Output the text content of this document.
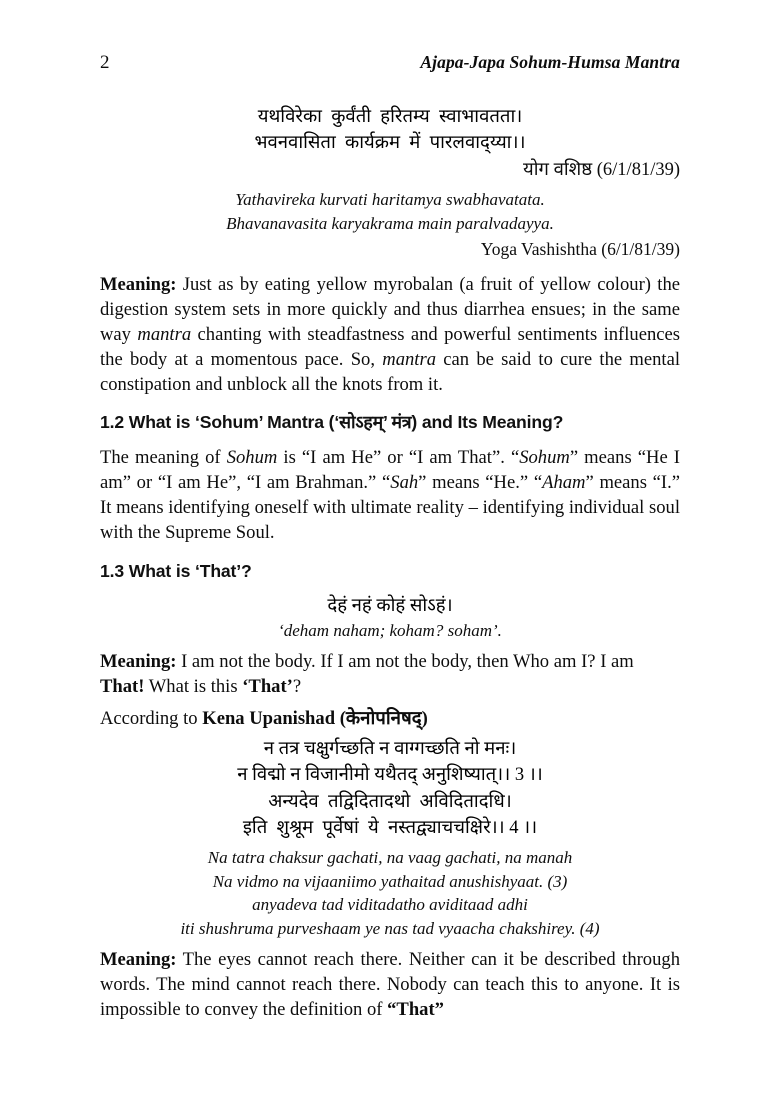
2	Ajapa-Japa Sohum-Humsa Mantra
यथविरेका  कुर्वंती  हरितम्य  स्वाभावतता।
भवनवासिता  कार्यक्रम  में  पारलवाद्य्या।।
योग वशिष्ठ (6/1/81/39)
Yathavireka kurvati haritamya swabhavatata.
Bhavanavasita karyakrama main paralvadayya.
Yoga Vashishtha (6/1/81/39)

Meaning: Just as by eating yellow myrobalan (a fruit of yellow colour) the digestion system sets in more quickly and thus diarrhea ensues; in the same way mantra chanting with steadfastness and powerful sentiments influences the body at a momentous pace. So, mantra can be said to cure the mental constipation and unblock all the knots from it.

1.2 What is ‘Sohum’ Mantra (‘सोऽहम्’ मंत्र) and Its Meaning?

The meaning of Sohum is “I am He” or “I am That”. “Sohum” means “He I am” or “I am He”, “I am Brahman.” “Sah” means “He.” “Aham” means “I.” It means identifying oneself with ultimate reality – identifying individual soul with the Supreme Soul.

1.3 What is ‘That’?
देहं नहं कोहं सोऽहं।
‘deham naham; koham? soham’.

Meaning: I am not the body. If I am not the body, then Who am I? I am That! What is this ‘That’?

According to Kena Upanishad (केनोपनिषद्)

न तत्र चक्षुर्गच्छति न वाग्गच्छति नो मनः।
न विद्मो न विजानीमो यथैतद् अनुशिष्यात्।। 3 ।।
अन्यदेव  तद्विदितादथो  अविदितादधि।
इति  शुश्रूम  पूर्वेषां  ये  नस्तद्व्याचचक्षिरे।। 4 ।।
Na tatra chaksur gachati, na vaag gachati, na manah
Na vidmo na vijaaniimo yathaitad anushishyaat. (3)
anyadeva tad viditadatho aviditaad adhi
iti shushruma purveshaam ye nas tad vyaacha chakshirey. (4)

Meaning: The eyes cannot reach there. Neither can it be described through words. The mind cannot reach there. Nobody can teach this to anyone. It is impossible to convey the definition of “That”
